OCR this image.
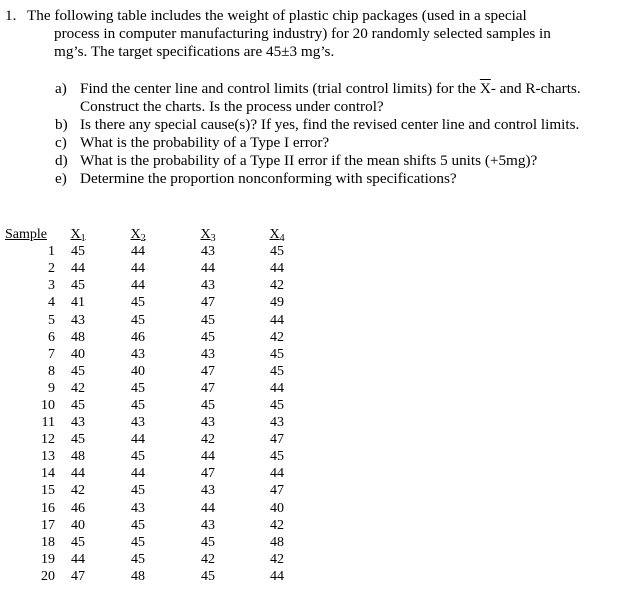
1. The following table includes the weight of plastic chip packages (used in a special
process in computer manufacturing industry) for 20 randomly selected samples in
mg’s. The target specifications are 45±3 mg’s.
a) Find the center line and control limits (trial control limits) for the $\overline{X}-$ and R-charts.
Construct the charts. Is the process under control?
b) Is there any special cause(s)? If yes, find the revised center line and control limits.
c) What is the probability of a Type I error?
d) What is the probability of a Type II error if the mean shifts 5 units (+5mg)?
e) Determine the proportion nonconforming with specifications?
Sample	$X_1$	$X_2$	$X_3$	$X_4$
1	45	44	43	45
2	44	44	44	44
3	45	44	43	42
4	41	45	47	49
5	43	45	45	44
6	48	46	45	42
7	40	43	43	45
8	45	40	47	45
9	42	45	47	44
10	45	45	45	45
11	43	43	43	43
12	45	44	42	47
13	48	45	44	45
14	44	44	47	44
15	42	45	43	47
16	46	43	44	40
17	40	45	43	42
18	45	45	45	48
19	44	45	42	42
20	47	48	45	44
